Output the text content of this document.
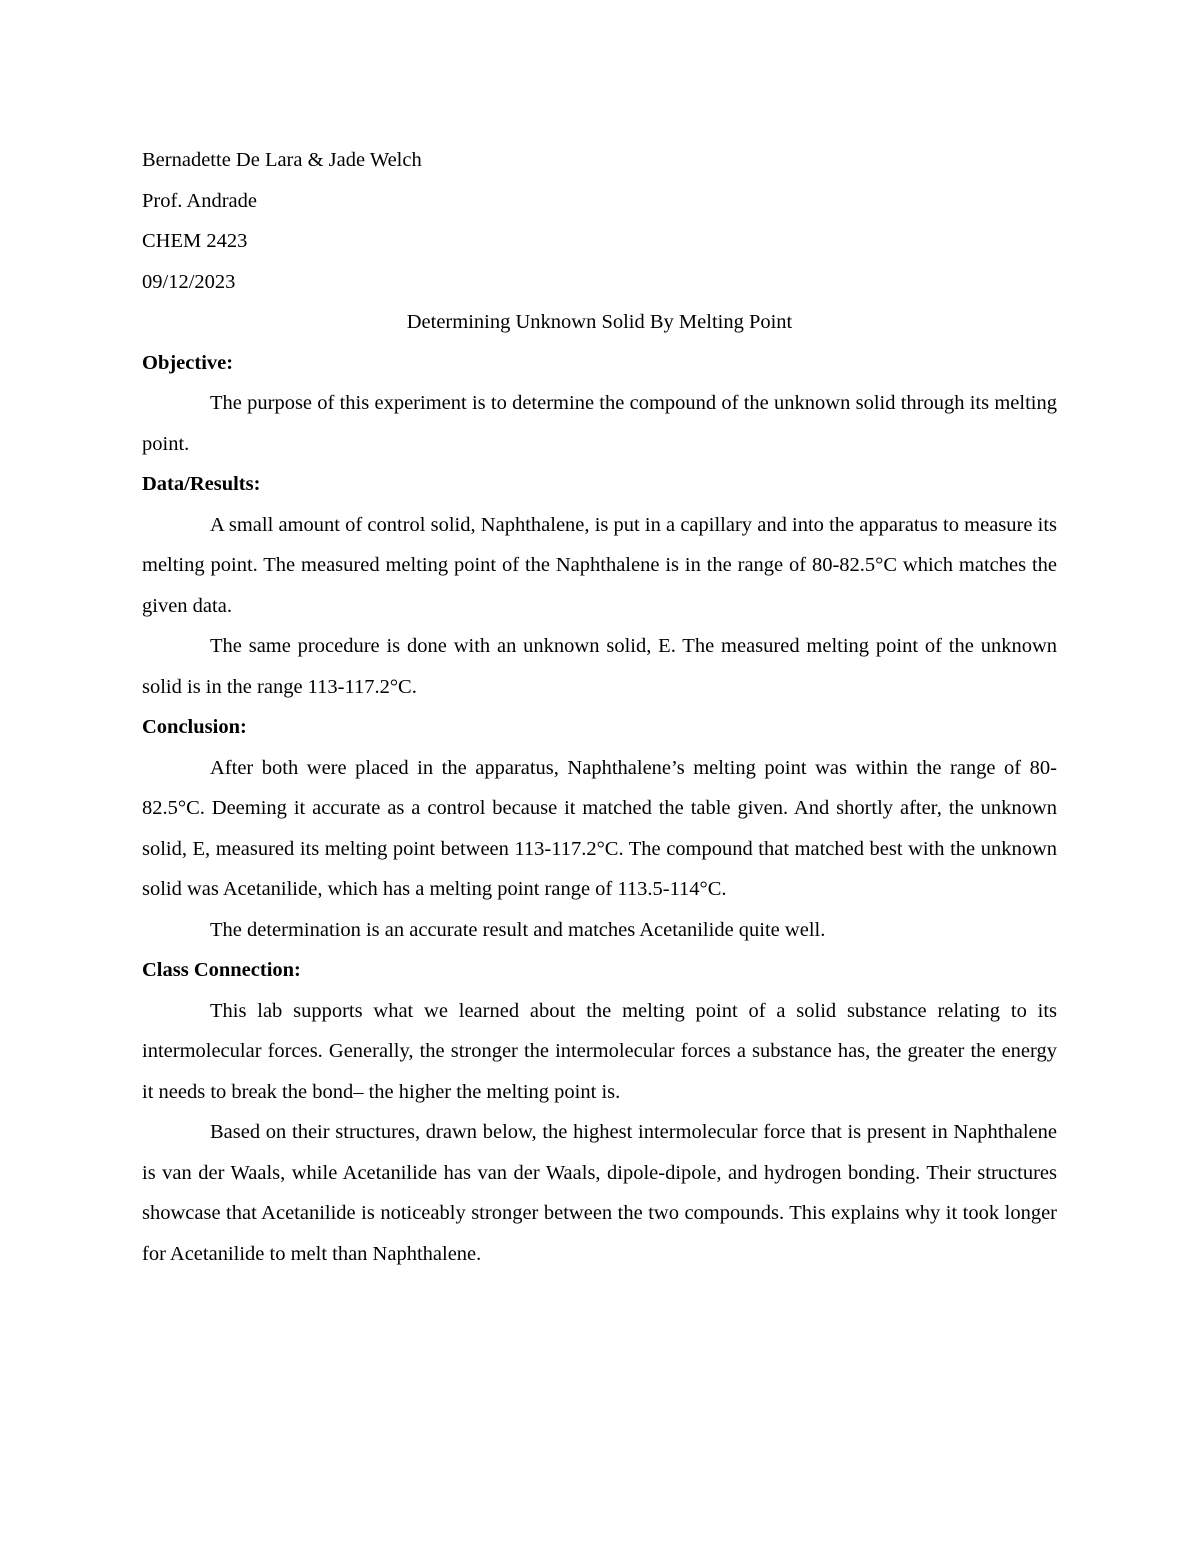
Bernadette De Lara & Jade Welch
Prof. Andrade
CHEM 2423
09/12/2023
Determining Unknown Solid By Melting Point
Objective:

The purpose of this experiment is to determine the compound of the unknown solid through its melting point.

Data/Results:

A small amount of control solid, Naphthalene, is put in a capillary and into the apparatus to measure its melting point. The measured melting point of the Naphthalene is in the range of 80-82.5°C which matches the given data.

The same procedure is done with an unknown solid, E. The measured melting point of the unknown solid is in the range 113-117.2°C.

Conclusion:

After both were placed in the apparatus, Naphthalene’s melting point was within the range of 80-82.5°C. Deeming it accurate as a control because it matched the table given. And shortly after, the unknown solid, E, measured its melting point between 113-117.2°C. The compound that matched best with the unknown solid was Acetanilide, which has a melting point range of 113.5-114°C.

The determination is an accurate result and matches Acetanilide quite well.

Class Connection:

This lab supports what we learned about the melting point of a solid substance relating to its intermolecular forces. Generally, the stronger the intermolecular forces a substance has, the greater the energy it needs to break the bond– the higher the melting point is.

Based on their structures, drawn below, the highest intermolecular force that is present in Naphthalene is van der Waals, while Acetanilide has van der Waals, dipole-dipole, and hydrogen bonding. Their structures showcase that Acetanilide is noticeably stronger between the two compounds. This explains why it took longer for Acetanilide to melt than Naphthalene.
